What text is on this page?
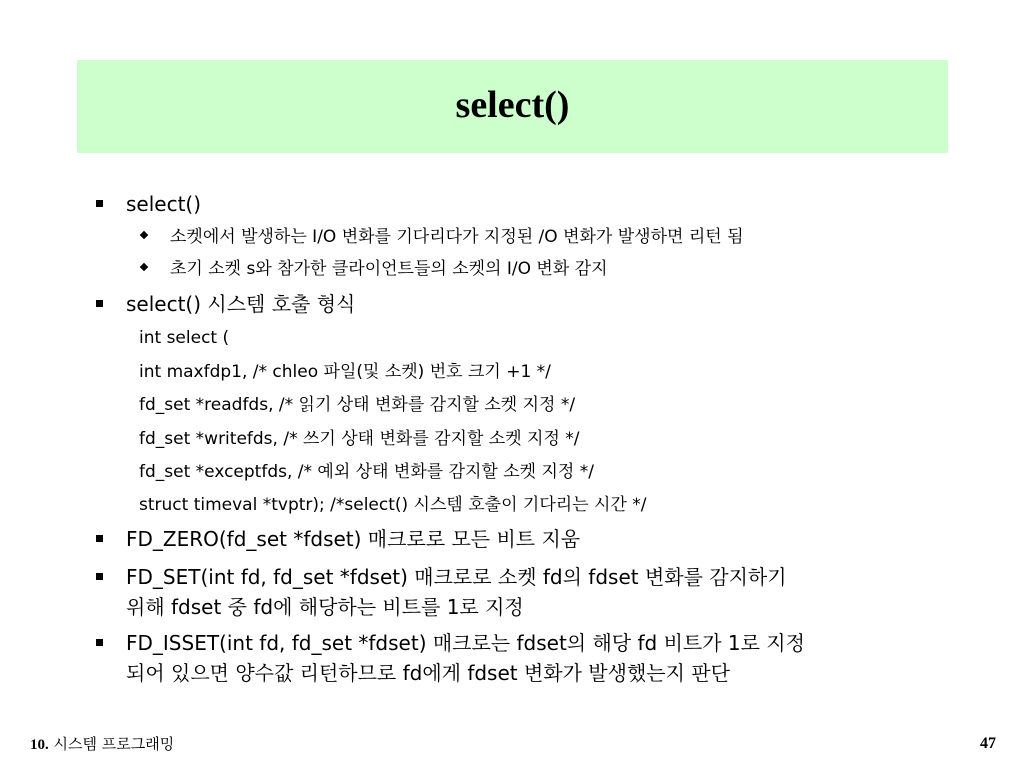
select()
select()
소켓에서 발생하는 I/O 변화를 기다리다가 지정된 /O 변화가 발생하면 리턴 됨
초기 소켓 s와 참가한 클라이언트들의 소켓의 I/O 변화 감지
select() 시스템 호출 형식
int select (
int maxfdp1, /* chleo 파일(및 소켓) 번호 크기 +1 */
fd_set *readfds, /* 읽기 상태 변화를 감지할 소켓 지정 */
fd_set *writefds, /* 쓰기 상태 변화를 감지할 소켓 지정 */
fd_set *exceptfds, /* 예외 상태 변화를 감지할 소켓 지정 */
struct timeval *tvptr); /*select() 시스템 호출이 기다리는 시간 */
FD_ZERO(fd_set *fdset) 매크로로 모든 비트 지움
FD_SET(int fd, fd_set *fdset) 매크로로 소켓 fd의 fdset 변화를 감지하기
위해 fdset 중 fd에 해당하는 비트를 1로 지정
FD_ISSET(int fd, fd_set *fdset) 매크로는 fdset의 해당 fd 비트가 1로 지정
되어 있으면 양수값 리턴하므로 fd에게 fdset 변화가 발생했는지 판단
10. 시스템 프로그래밍	47
